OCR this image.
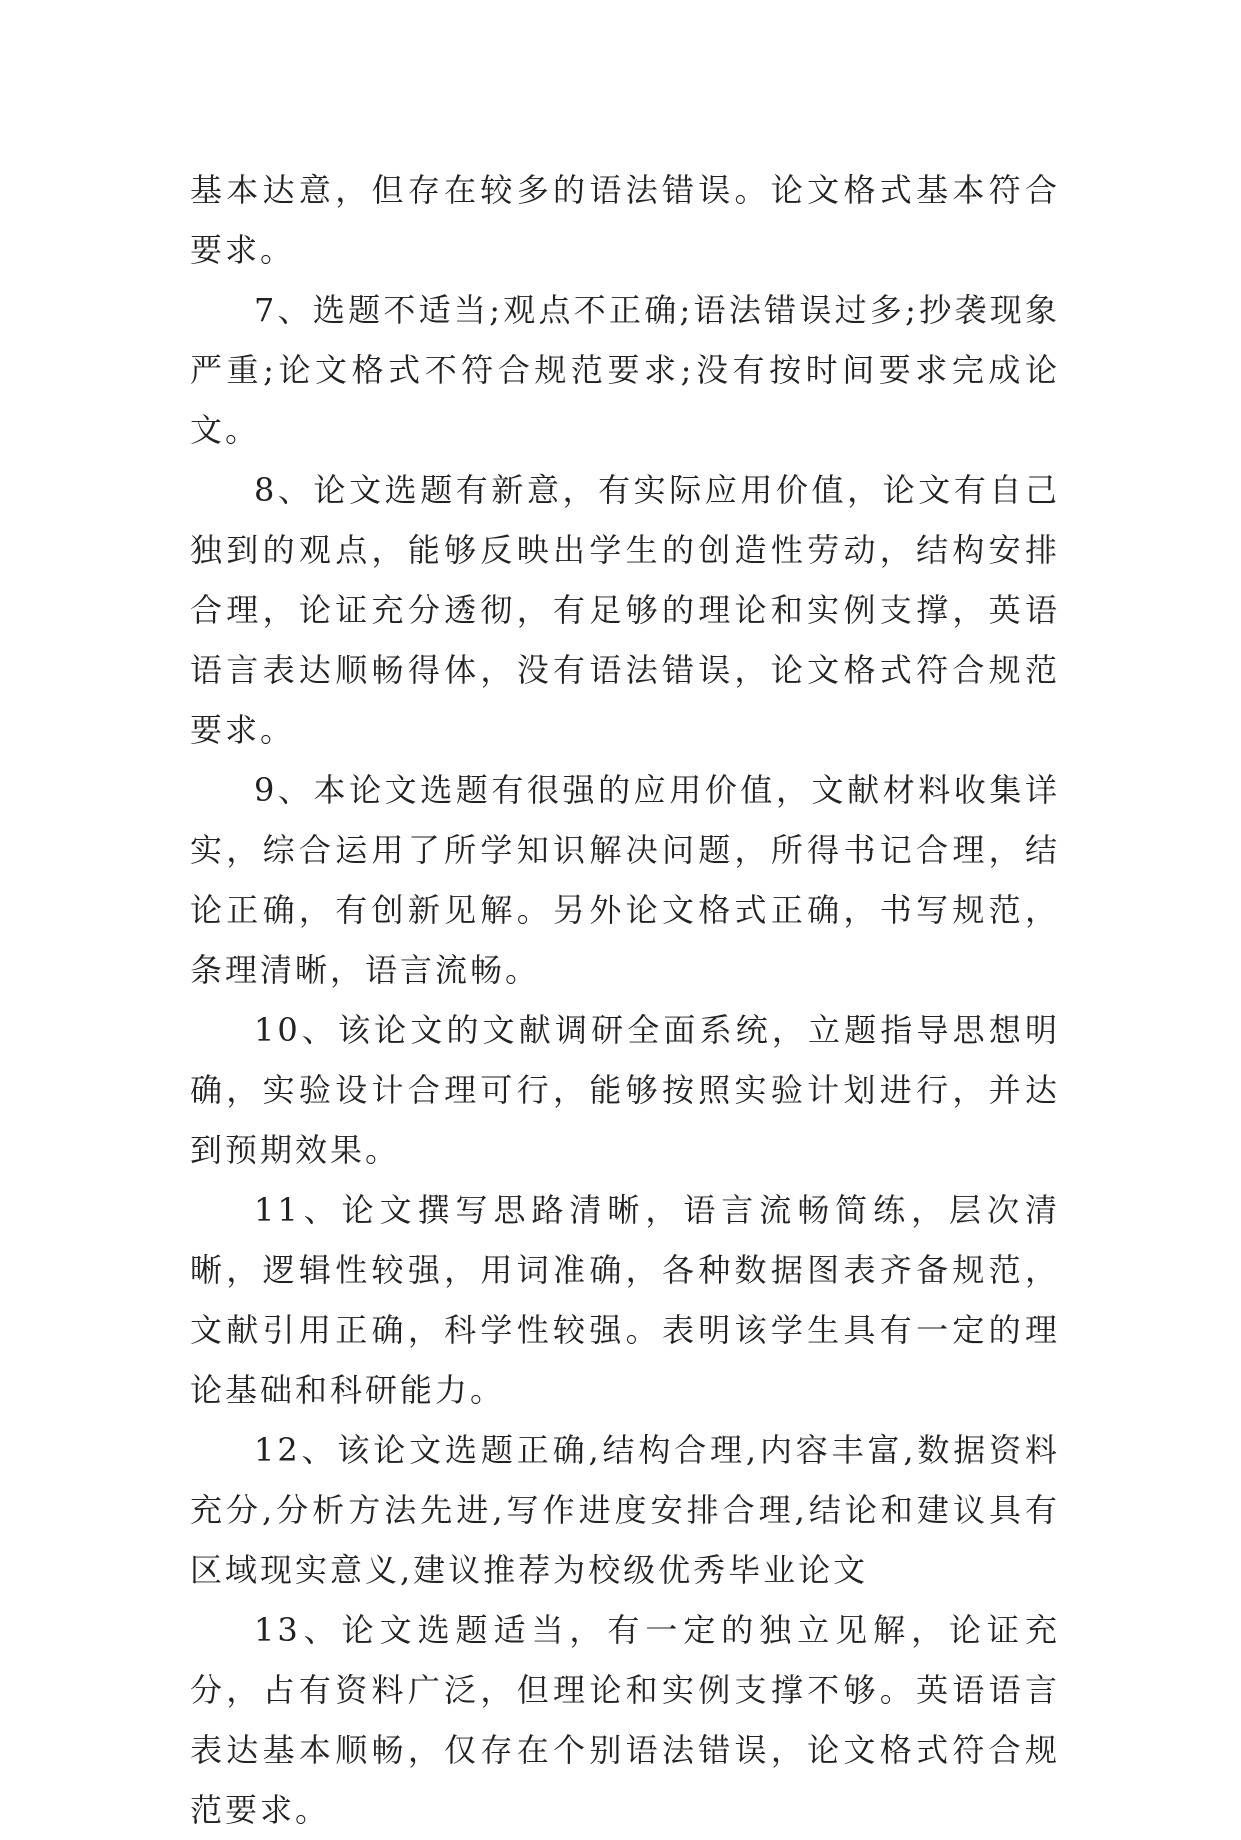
基本达意，但存在较多的语法错误。论文格式基本符合要求。

7、选题不适当;观点不正确;语法错误过多;抄袭现象严重;论文格式不符合规范要求;没有按时间要求完成论文。

8、论文选题有新意，有实际应用价值，论文有自己独到的观点，能够反映出学生的创造性劳动，结构安排合理，论证充分透彻，有足够的理论和实例支撑，英语语言表达顺畅得体，没有语法错误，论文格式符合规范要求。

9、本论文选题有很强的应用价值，文献材料收集详实，综合运用了所学知识解决问题，所得书记合理，结论正确，有创新见解。另外论文格式正确，书写规范，条理清晰，语言流畅。

10、该论文的文献调研全面系统，立题指导思想明确，实验设计合理可行，能够按照实验计划进行，并达到预期效果。

11、论文撰写思路清晰，语言流畅简练，层次清晰，逻辑性较强，用词准确，各种数据图表齐备规范，文献引用正确，科学性较强。表明该学生具有一定的理论基础和科研能力。

12、该论文选题正确,结构合理,内容丰富,数据资料充分,分析方法先进,写作进度安排合理,结论和建议具有区域现实意义,建议推荐为校级优秀毕业论文

13、论文选题适当，有一定的独立见解，论证充分，占有资料广泛，但理论和实例支撑不够。英语语言表达基本顺畅，仅存在个别语法错误，论文格式符合规范要求。
